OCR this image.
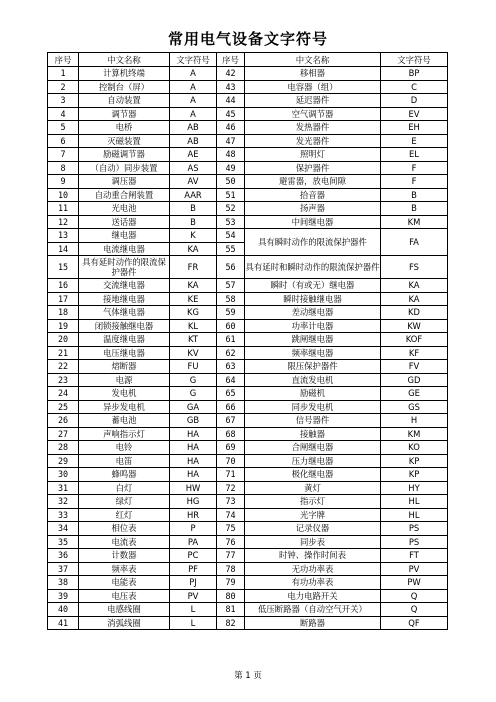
常用电气设备文字符号
序号	中文名称	文字符号	序号	中文名称	文字符号
1	计算机终端	A	42	移相器	BP
2	控制台（屏）	A	43	电容器（组）	C
3	自动装置	A	44	延迟器件	D
4	调节器	A	45	空气调节器	EV
5	电桥	AB	46	发热器件	EH
6	灭磁装置	AB	47	发光器件	E
7	励磁调节器	AE	48	照明灯	EL
8	（自动）同步装置	AS	49	保护器件	F
9	调压器	AV	50	避雷器，放电间隙	F
10	自动重合闸装置	AAR	51	拾音器	B
11	光电池	B	52	扬声器	B
12	送话器	B	53	中间继电器	KM
13	继电器	K	54	具有瞬时动作的限流保护器件	FA
14	电流继电器	KA	55		
15	具有延时动作的限流保护器件	FR	56	具有延时和瞬时动作的限流保护器件	FS
16	交流继电器	KA	57	瞬时（有或无）继电器	KA
17	接地继电器	KE	58	瞬时接触继电器	KA
18	气体继电器	KG	59	差动继电器	KD
19	闭锁接触继电器	KL	60	功率计电器	KW
20	温度继电器	KT	61	跳闸继电器	KOF
21	电压继电器	KV	62	频率继电器	KF
22	熔断器	FU	63	限压保护器件	FV
23	电源	G	64	直流发电机	GD
24	发电机	G	65	励磁机	GE
25	异步发电机	GA	66	同步发电机	GS
26	蓄电池	GB	67	信号器件	H
27	声响指示灯	HA	68	接触器	KM
28	电铃	HA	69	合闸继电器	KO
29	电笛	HA	70	压力继电器	KP
30	蜂鸣器	HA	71	极化继电器	KP
31	白灯	HW	72	黄灯	HY
32	绿灯	HG	73	指示灯	HL
33	红灯	HR	74	光字牌	HL
34	相位表	P	75	记录仪器	PS
35	电流表	PA	76	同步表	PS
36	计数器	PC	77	时钟、操作时间表	FT
37	频率表	PF	78	无功功率表	PV
38	电能表	PJ	79	有功功率表	PW
39	电压表	PV	80	电力电路开关	Q
40	电感线圈	L	81	低压断路器（自动空气开关）	Q
41	消弧线圈	L	82	断路器	QF
第 1 页
